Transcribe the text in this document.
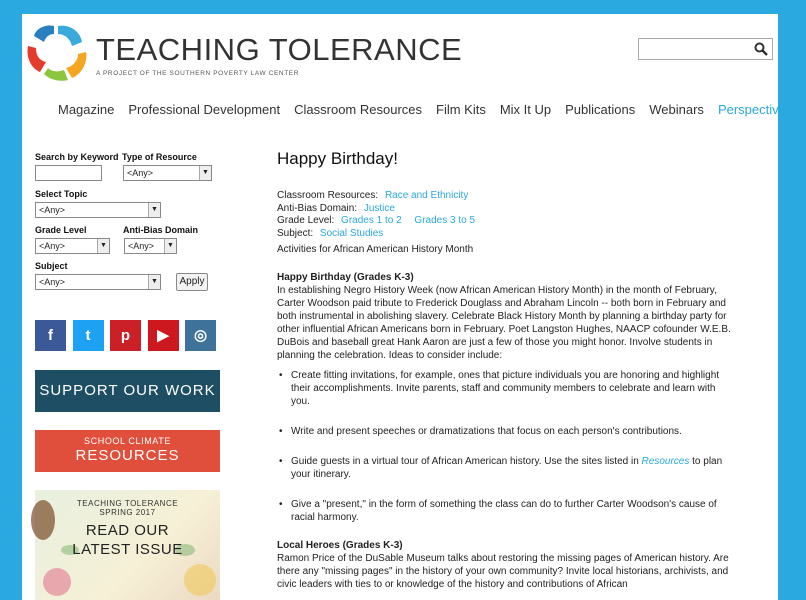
TEACHING TOLERANCE
A PROJECT OF THE SOUTHERN POVERTY LAW CENTER
Magazine Professional Development Classroom Resources Film Kits Mix It Up Publications Webinars Perspectives
Search by Keyword Type of Resource
<Any>	▼
Select Topic
<Any>	▼
Grade Level
<Any>	▼
Anti-Bias Domain
<Any>	▼
Subject
<Any>	▼	Apply
f	t	p	▶	◎
SUPPORT OUR WORK
SCHOOL CLIMATE
RESOURCES
TEACHING TOLERANCE
SPRING 2017
READ OUR
LATEST ISSUE
Happy Birthday!
Classroom Resources: Race and Ethnicity
Anti-Bias Domain: Justice
Grade Level: Grades 1 to 2 Grades 3 to 5
Subject: Social Studies
Activities for African American History Month
Happy Birthday (Grades K-3)
In establishing Negro History Week (now African American History Month) in the month of February, Carter Woodson paid tribute to Frederick Douglass and Abraham Lincoln -- both born in February and both instrumental in abolishing slavery. Celebrate Black History Month by planning a birthday party for other influential African Americans born in February. Poet Langston Hughes, NAACP cofounder W.E.B. DuBois and baseball great Hank Aaron are just a few of those you might honor. Involve students in planning the celebration. Ideas to consider include:
• Create fitting invitations, for example, ones that picture individuals you are honoring and highlight their accomplishments. Invite parents, staff and community members to celebrate and learn with you.
• Write and present speeches or dramatizations that focus on each person's contributions.
• Guide guests in a virtual tour of African American history. Use the sites listed in Resources to plan your itinerary.
• Give a "present," in the form of something the class can do to further Carter Woodson's cause of racial harmony.
Local Heroes (Grades K-3)
Ramon Price of the DuSable Museum talks about restoring the missing pages of American history. Are there any "missing pages" in the history of your own community? Invite local historians, archivists, and civic leaders with ties to or knowledge of the history and contributions of African
